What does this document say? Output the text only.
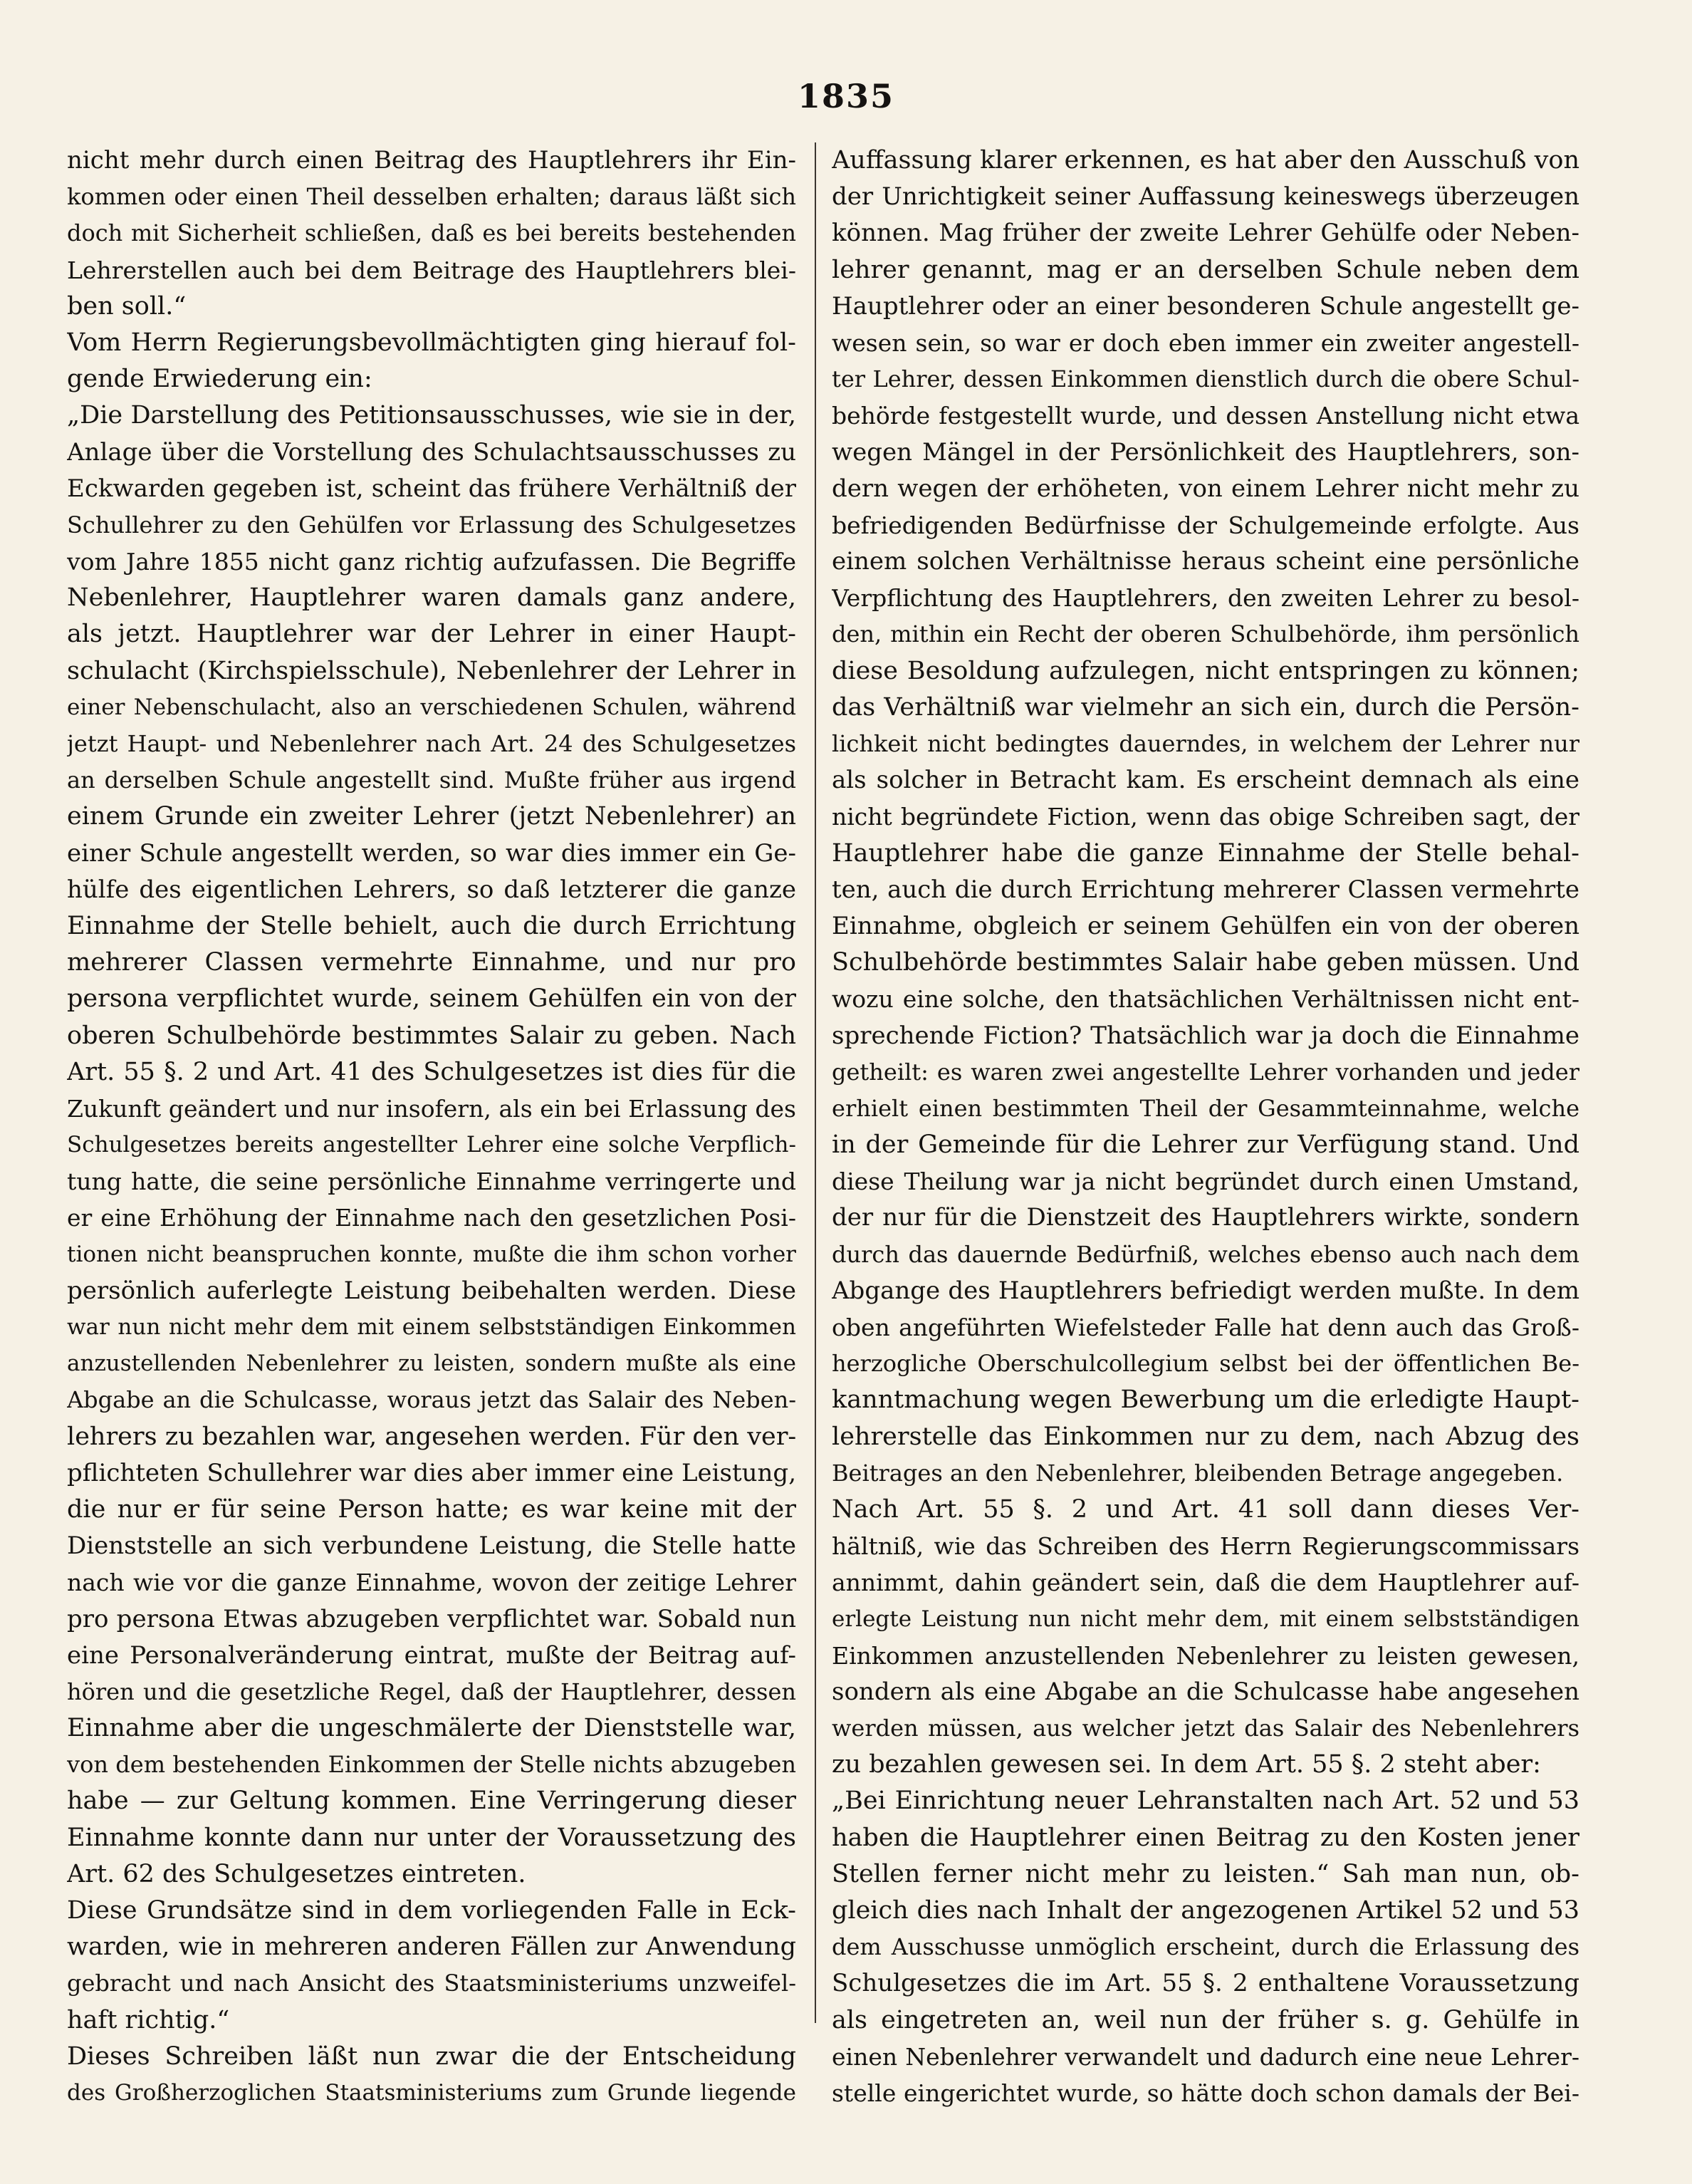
1835
nicht mehr durch einen Beitrag des Hauptlehrers ihr Ein-
kommen oder einen Theil desselben erhalten; daraus läßt sich
doch mit Sicherheit schließen, daß es bei bereits bestehenden
Lehrerstellen auch bei dem Beitrage des Hauptlehrers blei-
ben soll.“
Vom Herrn Regierungsbevollmächtigten ging hierauf fol-
gende Erwiederung ein:
„Die Darstellung des Petitionsausschusses, wie sie in der,
Anlage über die Vorstellung des Schulachtsausschusses zu
Eckwarden gegeben ist, scheint das frühere Verhältniß der
Schullehrer zu den Gehülfen vor Erlassung des Schulgesetzes
vom Jahre 1855 nicht ganz richtig aufzufassen. Die Begriffe
Nebenlehrer, Hauptlehrer waren damals ganz andere,
als jetzt. Hauptlehrer war der Lehrer in einer Haupt-
schulacht (Kirchspielsschule), Nebenlehrer der Lehrer in
einer Nebenschulacht, also an verschiedenen Schulen, während
jetzt Haupt- und Nebenlehrer nach Art. 24 des Schulgesetzes
an derselben Schule angestellt sind. Mußte früher aus irgend
einem Grunde ein zweiter Lehrer (jetzt Nebenlehrer) an
einer Schule angestellt werden, so war dies immer ein Ge-
hülfe des eigentlichen Lehrers, so daß letzterer die ganze
Einnahme der Stelle behielt, auch die durch Errichtung
mehrerer Classen vermehrte Einnahme, und nur pro
persona verpflichtet wurde, seinem Gehülfen ein von der
oberen Schulbehörde bestimmtes Salair zu geben. Nach
Art. 55 §. 2 und Art. 41 des Schulgesetzes ist dies für die
Zukunft geändert und nur insofern, als ein bei Erlassung des
Schulgesetzes bereits angestellter Lehrer eine solche Verpflich-
tung hatte, die seine persönliche Einnahme verringerte und
er eine Erhöhung der Einnahme nach den gesetzlichen Posi-
tionen nicht beanspruchen konnte, mußte die ihm schon vorher
persönlich auferlegte Leistung beibehalten werden. Diese
war nun nicht mehr dem mit einem selbstständigen Einkommen
anzustellenden Nebenlehrer zu leisten, sondern mußte als eine
Abgabe an die Schulcasse, woraus jetzt das Salair des Neben-
lehrers zu bezahlen war, angesehen werden. Für den ver-
pflichteten Schullehrer war dies aber immer eine Leistung,
die nur er für seine Person hatte; es war keine mit der
Dienststelle an sich verbundene Leistung, die Stelle hatte
nach wie vor die ganze Einnahme, wovon der zeitige Lehrer
pro persona Etwas abzugeben verpflichtet war. Sobald nun
eine Personalveränderung eintrat, mußte der Beitrag auf-
hören und die gesetzliche Regel, daß der Hauptlehrer, dessen
Einnahme aber die ungeschmälerte der Dienststelle war,
von dem bestehenden Einkommen der Stelle nichts abzugeben
habe — zur Geltung kommen. Eine Verringerung dieser
Einnahme konnte dann nur unter der Voraussetzung des
Art. 62 des Schulgesetzes eintreten.
Diese Grundsätze sind in dem vorliegenden Falle in Eck-
warden, wie in mehreren anderen Fällen zur Anwendung
gebracht und nach Ansicht des Staatsministeriums unzweifel-
haft richtig.“
Dieses Schreiben läßt nun zwar die der Entscheidung
des Großherzoglichen Staatsministeriums zum Grunde liegende
Auffassung klarer erkennen, es hat aber den Ausschuß von
der Unrichtigkeit seiner Auffassung keineswegs überzeugen
können. Mag früher der zweite Lehrer Gehülfe oder Neben-
lehrer genannt, mag er an derselben Schule neben dem
Hauptlehrer oder an einer besonderen Schule angestellt ge-
wesen sein, so war er doch eben immer ein zweiter angestell-
ter Lehrer, dessen Einkommen dienstlich durch die obere Schul-
behörde festgestellt wurde, und dessen Anstellung nicht etwa
wegen Mängel in der Persönlichkeit des Hauptlehrers, son-
dern wegen der erhöheten, von einem Lehrer nicht mehr zu
befriedigenden Bedürfnisse der Schulgemeinde erfolgte. Aus
einem solchen Verhältnisse heraus scheint eine persönliche
Verpflichtung des Hauptlehrers, den zweiten Lehrer zu besol-
den, mithin ein Recht der oberen Schulbehörde, ihm persönlich
diese Besoldung aufzulegen, nicht entspringen zu können;
das Verhältniß war vielmehr an sich ein, durch die Persön-
lichkeit nicht bedingtes dauerndes, in welchem der Lehrer nur
als solcher in Betracht kam. Es erscheint demnach als eine
nicht begründete Fiction, wenn das obige Schreiben sagt, der
Hauptlehrer habe die ganze Einnahme der Stelle behal-
ten, auch die durch Errichtung mehrerer Classen vermehrte
Einnahme, obgleich er seinem Gehülfen ein von der oberen
Schulbehörde bestimmtes Salair habe geben müssen. Und
wozu eine solche, den thatsächlichen Verhältnissen nicht ent-
sprechende Fiction? Thatsächlich war ja doch die Einnahme
getheilt: es waren zwei angestellte Lehrer vorhanden und jeder
erhielt einen bestimmten Theil der Gesammteinnahme, welche
in der Gemeinde für die Lehrer zur Verfügung stand. Und
diese Theilung war ja nicht begründet durch einen Umstand,
der nur für die Dienstzeit des Hauptlehrers wirkte, sondern
durch das dauernde Bedürfniß, welches ebenso auch nach dem
Abgange des Hauptlehrers befriedigt werden mußte. In dem
oben angeführten Wiefelsteder Falle hat denn auch das Groß-
herzogliche Oberschulcollegium selbst bei der öffentlichen Be-
kanntmachung wegen Bewerbung um die erledigte Haupt-
lehrerstelle das Einkommen nur zu dem, nach Abzug des
Beitrages an den Nebenlehrer, bleibenden Betrage angegeben.
Nach Art. 55 §. 2 und Art. 41 soll dann dieses Ver-
hältniß, wie das Schreiben des Herrn Regierungscommissars
annimmt, dahin geändert sein, daß die dem Hauptlehrer auf-
erlegte Leistung nun nicht mehr dem, mit einem selbstständigen
Einkommen anzustellenden Nebenlehrer zu leisten gewesen,
sondern als eine Abgabe an die Schulcasse habe angesehen
werden müssen, aus welcher jetzt das Salair des Nebenlehrers
zu bezahlen gewesen sei. In dem Art. 55 §. 2 steht aber:
„Bei Einrichtung neuer Lehranstalten nach Art. 52 und 53
haben die Hauptlehrer einen Beitrag zu den Kosten jener
Stellen ferner nicht mehr zu leisten.“ Sah man nun, ob-
gleich dies nach Inhalt der angezogenen Artikel 52 und 53
dem Ausschusse unmöglich erscheint, durch die Erlassung des
Schulgesetzes die im Art. 55 §. 2 enthaltene Voraussetzung
als eingetreten an, weil nun der früher s. g. Gehülfe in
einen Nebenlehrer verwandelt und dadurch eine neue Lehrer-
stelle eingerichtet wurde, so hätte doch schon damals der Bei-
